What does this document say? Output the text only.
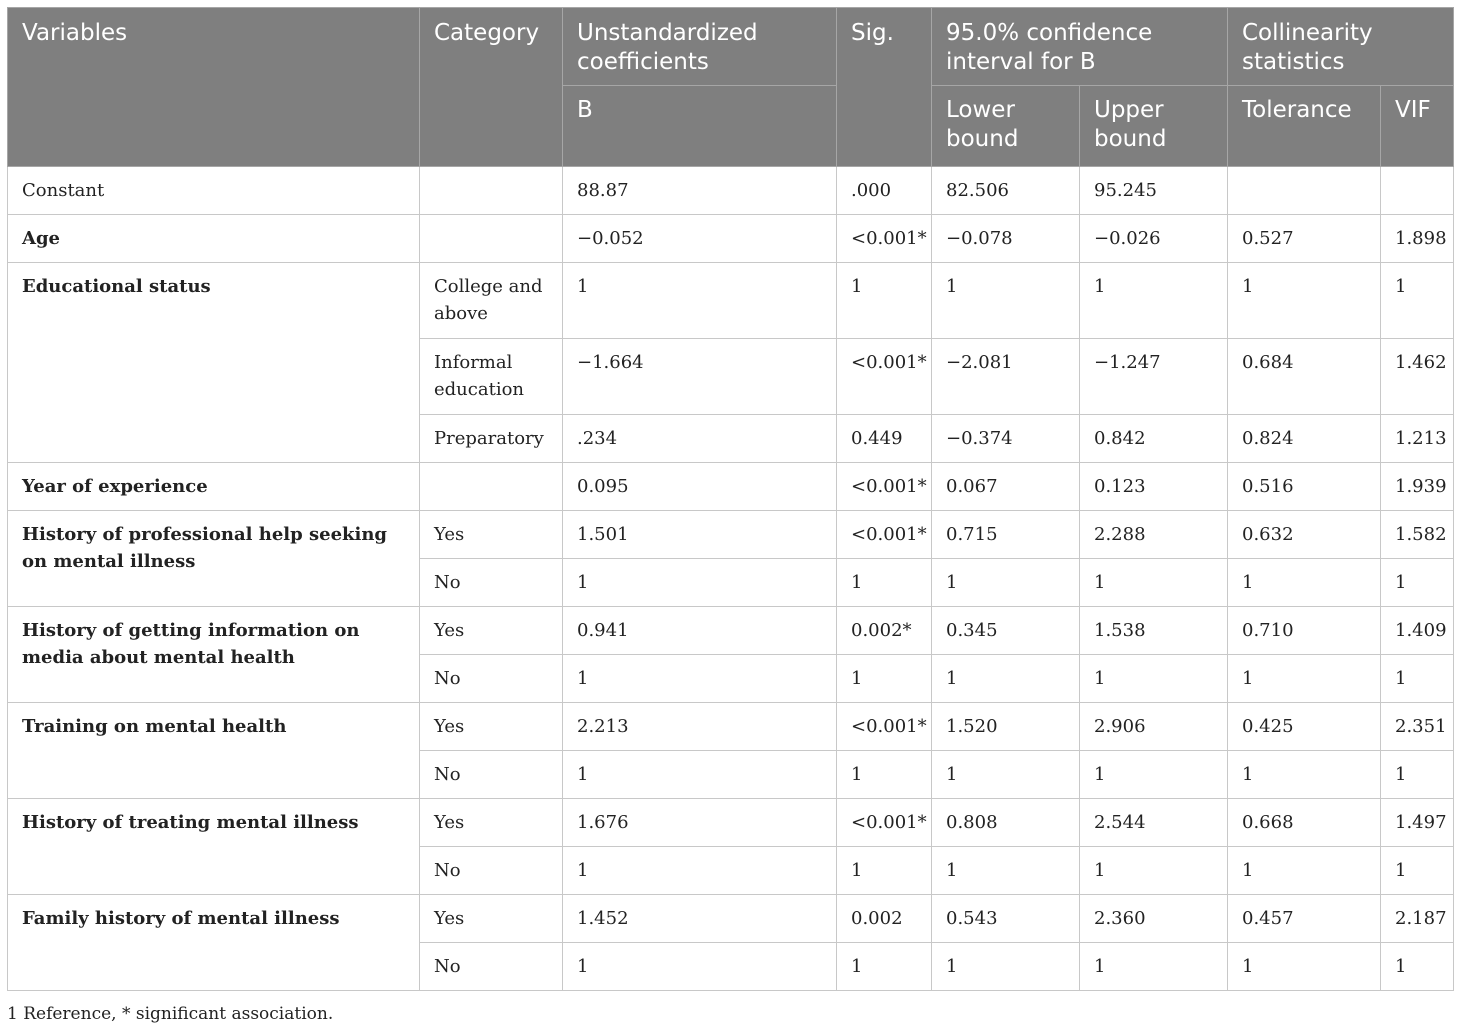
Variables	Category	Unstandardized coefficients	Sig.	95.0% confidence interval for B		Collinearity statistics	
		B		Lower bound	Upper bound	Tolerance	VIF
Constant		88.87	.000	82.506	95.245		
Age		−0.052	<0.001*	−0.078	−0.026	0.527	1.898
Educational status	College and above	1	1	1	1	1	1
	Informal education	−1.664	<0.001*	−2.081	−1.247	0.684	1.462
	Preparatory	.234	0.449	−0.374	0.842	0.824	1.213
Year of experience		0.095	<0.001*	0.067	0.123	0.516	1.939
History of professional help seeking on mental illness	Yes	1.501	<0.001*	0.715	2.288	0.632	1.582
	No	1	1	1	1	1	1
History of getting information on media about mental health	Yes	0.941	0.002*	0.345	1.538	0.710	1.409
	No	1	1	1	1	1	1
Training on mental health	Yes	2.213	<0.001*	1.520	2.906	0.425	2.351
	No	1	1	1	1	1	1
History of treating mental illness	Yes	1.676	<0.001*	0.808	2.544	0.668	1.497
	No	1	1	1	1	1	1
Family history of mental illness	Yes	1.452	0.002	0.543	2.360	0.457	2.187
	No	1	1	1	1	1	1
1 Reference, * significant association.
